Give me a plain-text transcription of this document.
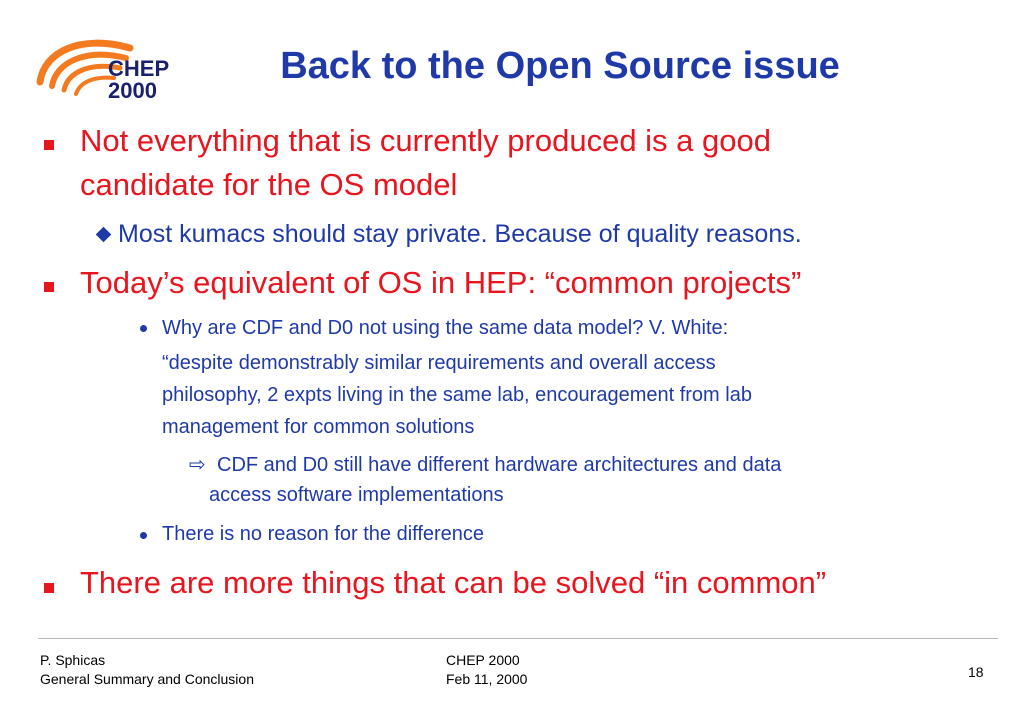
CHEP
2000
Back to the Open Source issue
Not everything that is currently produced is a good
candidate for the OS model
Most kumacs should stay private. Because of quality reasons.
Today’s equivalent of OS in HEP: “common projects”
Why are CDF and D0 not using the same data model? V. White:
“despite demonstrably similar requirements and overall access
philosophy, 2 expts living in the same lab, encouragement from lab
management for common solutions
⇨ CDF and D0 still have different hardware architectures and data
access software implementations
There is no reason for the difference
There are more things that can be solved “in common”
P. Sphicas
General Summary and Conclusion
CHEP 2000
Feb 11, 2000	18
